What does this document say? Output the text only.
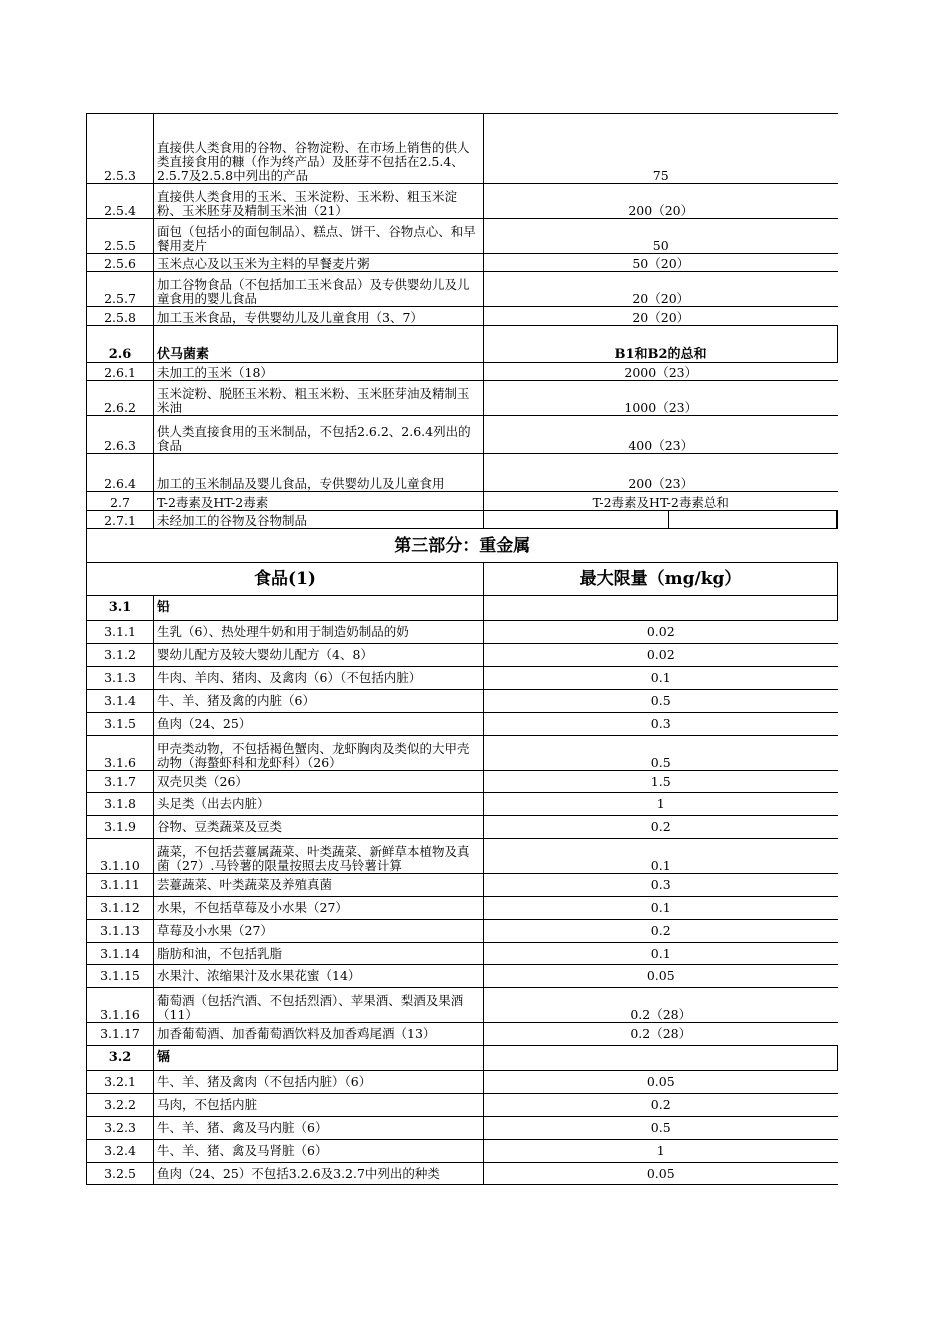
2.5.3	直接供人类食用的谷物、谷物淀粉、在市场上销售的供人类直接食用的糠（作为终产品）及胚芽不包括在2.5.4、2.5.7及2.5.8中列出的产品	75
2.5.4	直接供人类食用的玉米、玉米淀粉、玉米粉、粗玉米淀粉、玉米胚芽及精制玉米油（21）	200（20）
2.5.5	面包（包括小的面包制品）、糕点、饼干、谷物点心、和早餐用麦片	50
2.5.6	玉米点心及以玉米为主料的早餐麦片粥	50（20）
2.5.7	加工谷物食品（不包括加工玉米食品）及专供婴幼儿及儿童食用的婴儿食品	20（20）
2.5.8	加工玉米食品，专供婴幼儿及儿童食用（3、7）	20（20）

2.6	伏马菌素	B1和B2的总和
2.6.1	未加工的玉米（18）	2000（23）
2.6.2	玉米淀粉、脱胚玉米粉、粗玉米粉、玉米胚芽油及精制玉米油	1000（23）
2.6.3	供人类直接食用的玉米制品，不包括2.6.2、2.6.4列出的食品	400（23）
2.6.4	加工的玉米制品及婴儿食品，专供婴幼儿及儿童食用	200（23）
2.7	T-2毒素及HT-2毒素	T-2毒素及HT-2毒素总和
2.7.1	未经加工的谷物及谷物制品	

第三部分：重金属		
食品(1)		最大限量（mg/kg）
3.1	铅	
3.1.1	生乳（6）、热处理牛奶和用于制造奶制品的奶	0.02
3.1.2	婴幼儿配方及较大婴幼儿配方（4、8）	0.02
3.1.3	牛肉、羊肉、猪肉、及禽肉（6）（不包括内脏）	0.1
3.1.4	牛、羊、猪及禽的内脏（6）	0.5
3.1.5	鱼肉（24、25）	0.3
3.1.6	甲壳类动物，不包括褐色蟹肉、龙虾胸肉及类似的大甲壳动物（海螯虾科和龙虾科）（26）	0.5
3.1.7	双壳贝类（26）	1.5
3.1.8	头足类（出去内脏）	1
3.1.9	谷物、豆类蔬菜及豆类	0.2
3.1.10	蔬菜，不包括芸薹属蔬菜、叶类蔬菜、新鲜草本植物及真菌（27）.马铃薯的限量按照去皮马铃薯计算	0.1
3.1.11	芸薹蔬菜、叶类蔬菜及养殖真菌	0.3
3.1.12	水果，不包括草莓及小水果（27）	0.1
3.1.13	草莓及小水果（27）	0.2
3.1.14	脂肪和油，不包括乳脂	0.1
3.1.15	水果汁、浓缩果汁及水果花蜜（14）	0.05
3.1.16	葡萄酒（包括汽酒、不包括烈酒）、苹果酒、梨酒及果酒（11）	0.2（28）
3.1.17	加香葡萄酒、加香葡萄酒饮料及加香鸡尾酒（13）	0.2（28）
3.2	镉	
3.2.1	牛、羊、猪及禽肉（不包括内脏）（6）	0.05
3.2.2	马肉，不包括内脏	0.2
3.2.3	牛、羊、猪、禽及马内脏（6）	0.5
3.2.4	牛、羊、猪、禽及马肾脏（6）	1
3.2.5	鱼肉（24、25）不包括3.2.6及3.2.7中列出的种类	0.05
